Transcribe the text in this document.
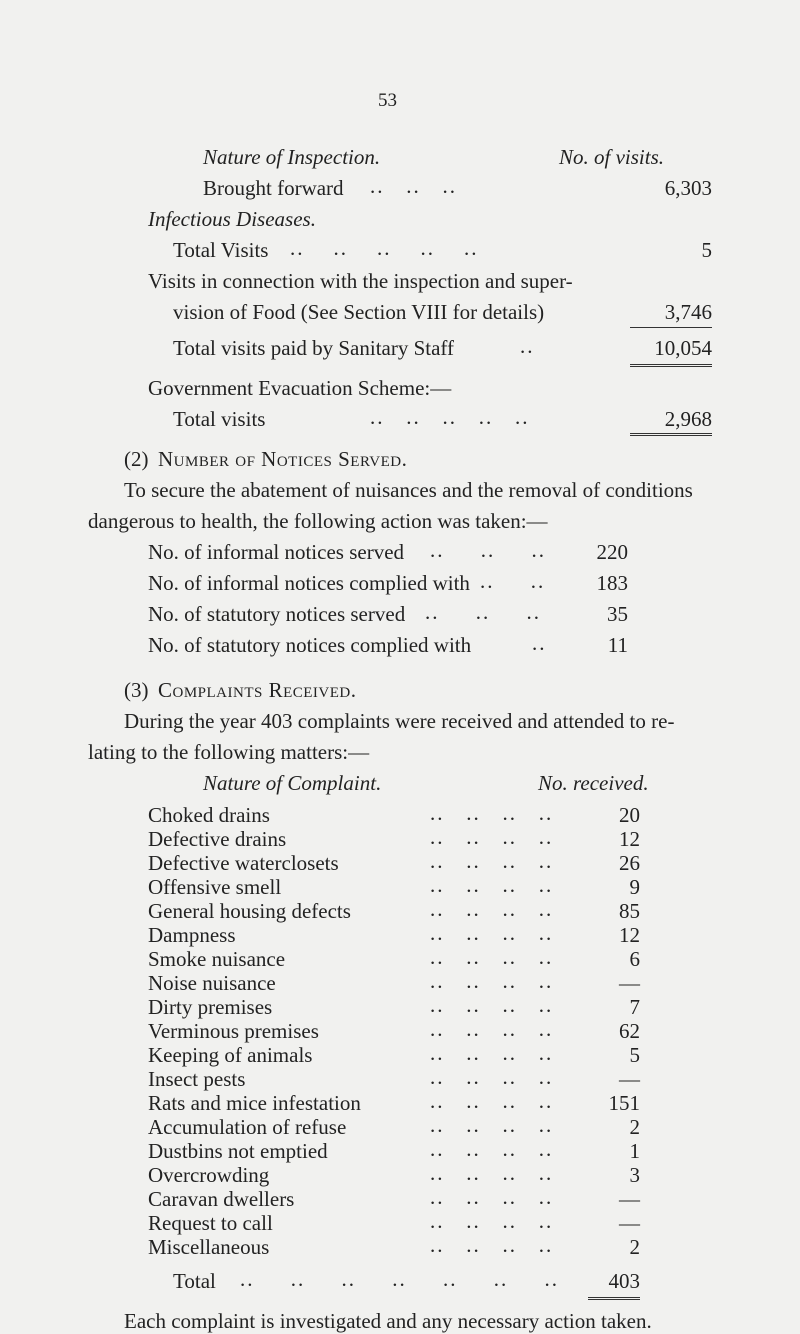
53
Nature of Inspection.	No. of visits.
Brought forward ..   ..   ..	6,303
Infectious Diseases.
Total Visits ..    ..    ..    ..    ..	5
Visits in connection with the inspection and super-
vision of Food (See Section VIII for details)	3,746
Total visits paid by Sanitary Staff	..	10,054
Government Evacuation Scheme:—
Total visits	..   ..   ..   ..   ..	2,968
(2) Number of Notices Served.
To secure the abatement of nuisances and the removal of conditions
dangerous to health, the following action was taken:—
No. of informal notices served ..     ..     ..	220
No. of informal notices complied with ..     ..	183
No. of statutory notices served ..     ..     ..	35
No. of statutory notices complied with	..	11
(3) Complaints Received.
During the year 403 complaints were received and attended to re-
lating to the following matters:—
Nature of Complaint.	No. received.
Choked drains	..   ..   ..   ..	20
Defective drains	..   ..   ..   ..	12
Defective waterclosets	..   ..   ..   ..	26
Offensive smell	..   ..   ..   ..	9
General housing defects	..   ..   ..   ..	85
Dampness	..   ..   ..   ..	12
Smoke nuisance	..   ..   ..   ..	6
Noise nuisance	..   ..   ..   ..	—
Dirty premises	..   ..   ..   ..	7
Verminous premises	..   ..   ..   ..	62
Keeping of animals	..   ..   ..   ..	5
Insect pests	..   ..   ..   ..	—
Rats and mice infestation	..   ..   ..   ..	151
Accumulation of refuse	..   ..   ..   ..	2
Dustbins not emptied	..   ..   ..   ..	1
Overcrowding	..   ..   ..   ..	3
Caravan dwellers	..   ..   ..   ..	—
Request to call	..   ..   ..   ..	—
Miscellaneous	..   ..   ..   ..	2
Total ..     ..     ..     ..     ..     ..     ..	403
Each complaint is investigated and any necessary action taken.
